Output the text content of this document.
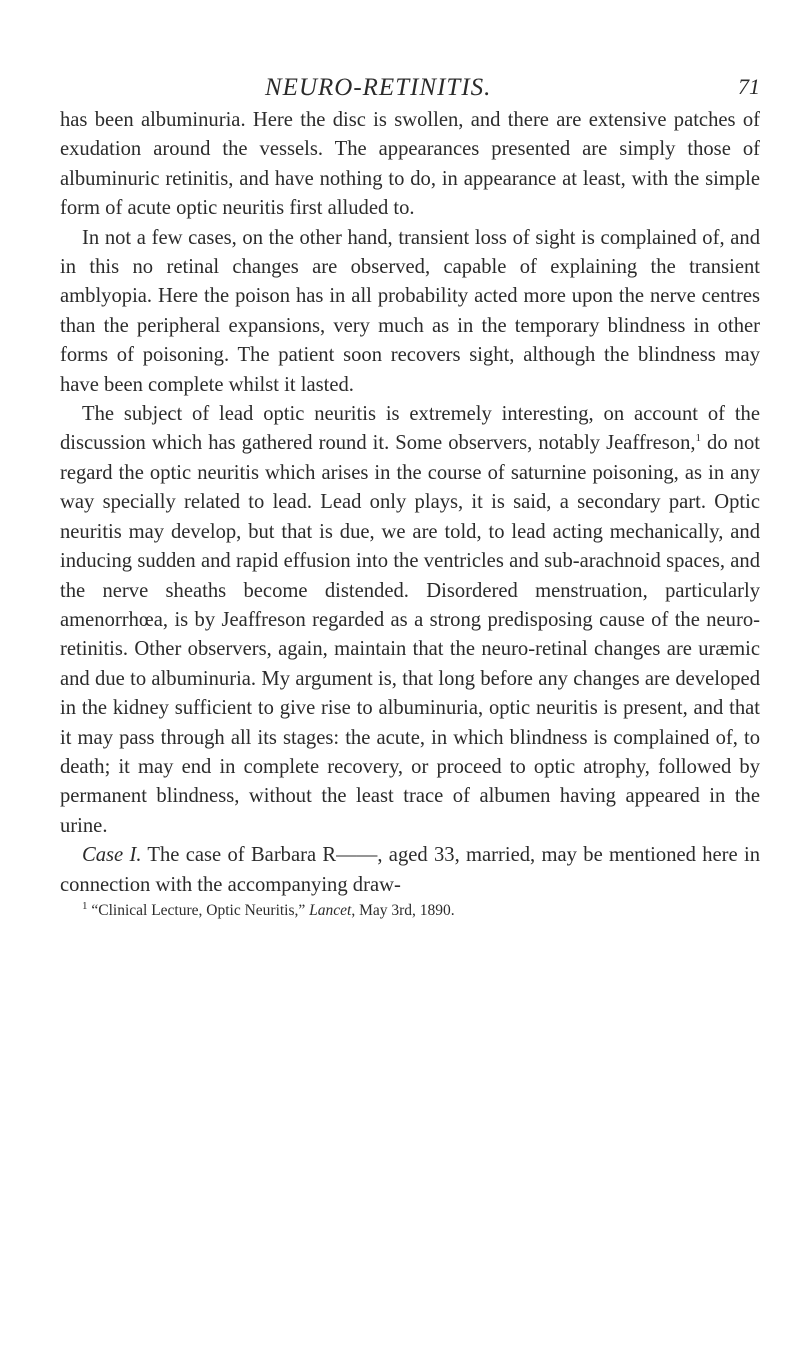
NEURO-RETINITIS.	71

has been albuminuria. Here the disc is swollen, and there are extensive patches of exudation around the vessels. The appearances presented are simply those of albuminuric retinitis, and have nothing to do, in appearance at least, with the simple form of acute optic neuritis first alluded to.

In not a few cases, on the other hand, transient loss of sight is complained of, and in this no retinal changes are observed, capable of explaining the transient amblyopia. Here the poison has in all probability acted more upon the nerve centres than the peripheral expansions, very much as in the temporary blindness in other forms of poisoning. The patient soon recovers sight, although the blindness may have been complete whilst it lasted.

The subject of lead optic neuritis is extremely interesting, on account of the discussion which has gathered round it. Some observers, notably Jeaffreson,$^1$ do not regard the optic neuritis which arises in the course of saturnine poisoning, as in any way specially related to lead. Lead only plays, it is said, a secondary part. Optic neuritis may develop, but that is due, we are told, to lead acting mechanically, and inducing sudden and rapid effusion into the ventricles and sub-arachnoid spaces, and the nerve sheaths become distended. Disordered menstruation, particularly amenorrhœa, is by Jeaffreson regarded as a strong predisposing cause of the neuro-retinitis. Other observers, again, maintain that the neuro-retinal changes are uræmic and due to albuminuria. My argument is, that long before any changes are developed in the kidney sufficient to give rise to albuminuria, optic neuritis is present, and that it may pass through all its stages: the acute, in which blindness is complained of, to death; it may end in complete recovery, or proceed to optic atrophy, followed by permanent blindness, without the least trace of albumen having appeared in the urine.

Case I. The case of Barbara R——, aged 33, married, may be mentioned here in connection with the accompanying draw-

$^1$ “Clinical Lecture, Optic Neuritis,” Lancet, May 3rd, 1890.
